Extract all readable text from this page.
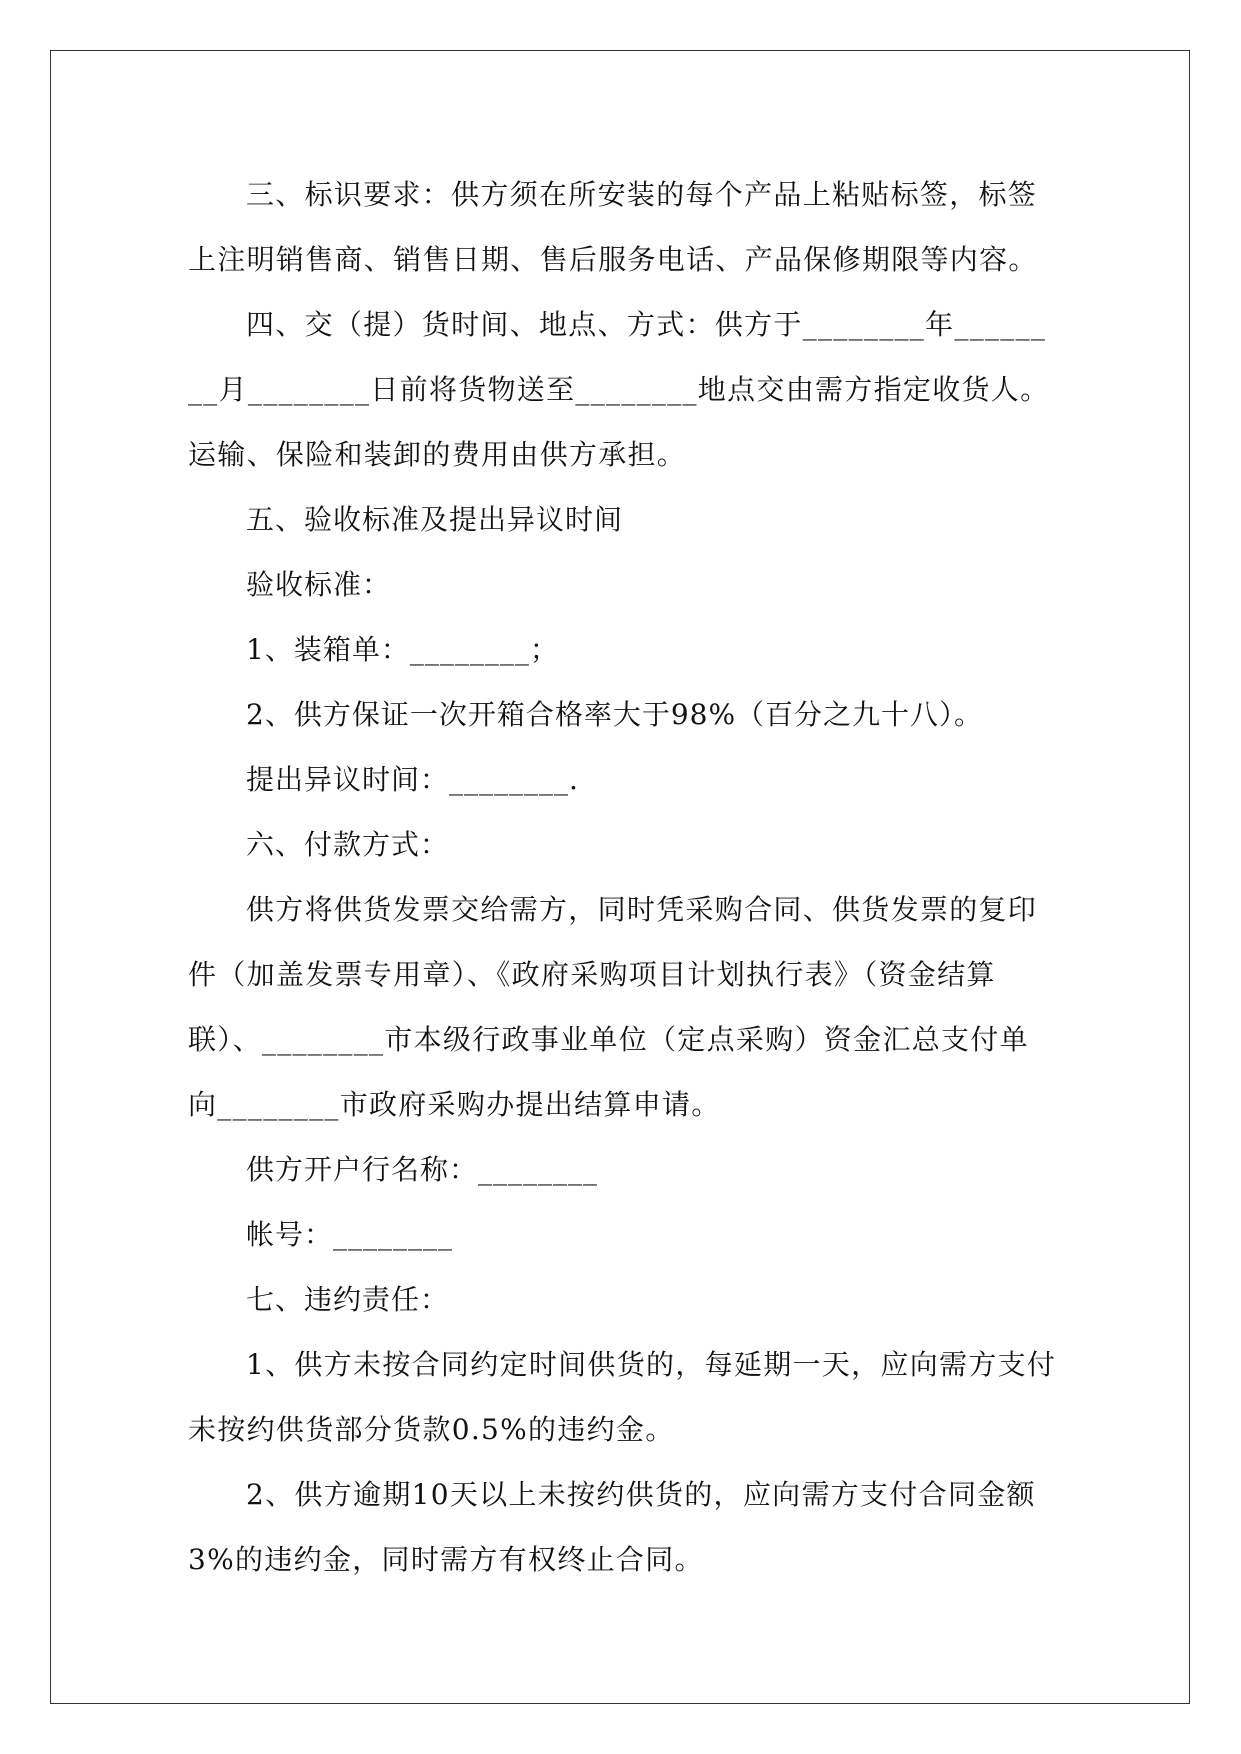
三、标识要求：供方须在所安装的每个产品上粘贴标签，标签上注明销售商、销售日期、售后服务电话、产品保修期限等内容。

四、交（提）货时间、地点、方式：供方于________年________月________日前将货物送至________地点交由需方指定收货人。运输、保险和装卸的费用由供方承担。

五、验收标准及提出异议时间

验收标准：

1、装箱单：________；

2、供方保证一次开箱合格率大于98%（百分之九十八）。

提出异议时间：________.

六、付款方式：

供方将供货发票交给需方，同时凭采购合同、供货发票的复印件（加盖发票专用章）、《政府采购项目计划执行表》（资金结算联）、________市本级行政事业单位（定点采购）资金汇总支付单向________市政府采购办提出结算申请。

供方开户行名称：________

帐号：________

七、违约责任：

1、供方未按合同约定时间供货的，每延期一天，应向需方支付未按约供货部分货款0.5%的违约金。

2、供方逾期10天以上未按约供货的，应向需方支付合同金额3%的违约金，同时需方有权终止合同。
